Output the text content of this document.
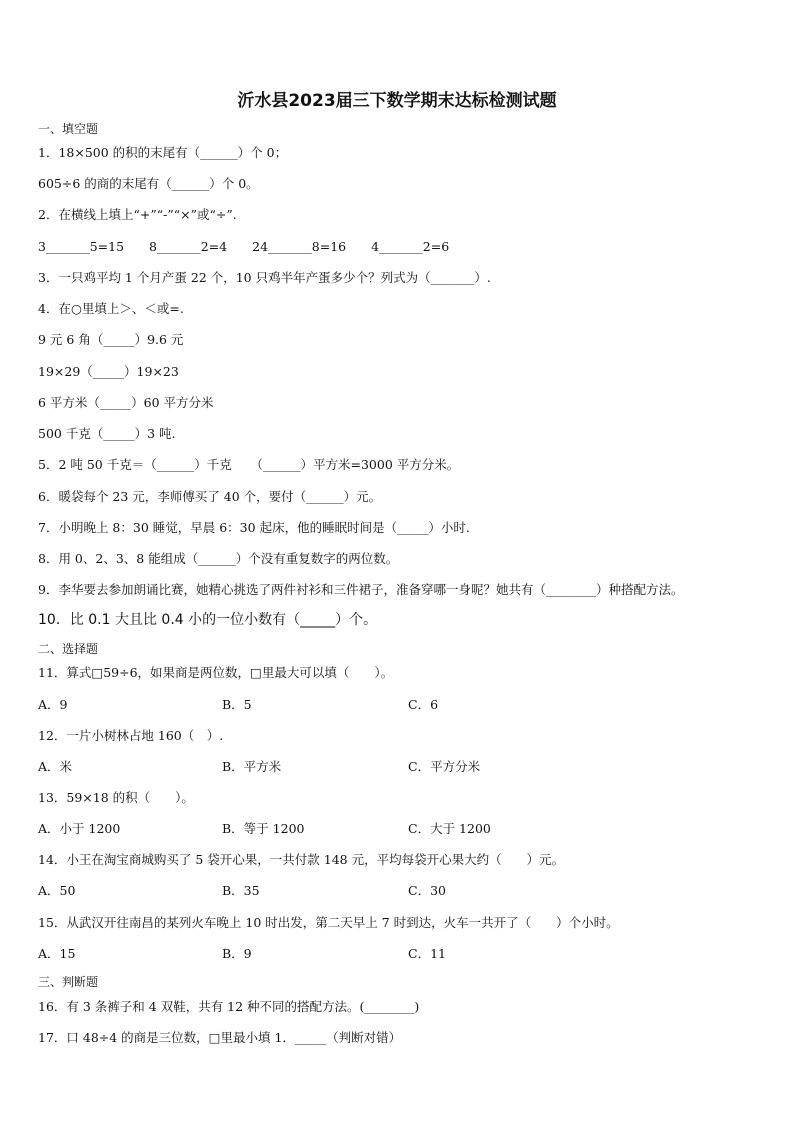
沂水县2023届三下数学期末达标检测试题
一、填空题
1．18×500 的积的末尾有（______）个 0；
605÷6 的商的末尾有（______）个 0。
2．在横线上填上“+”“-”“×”或“÷”.
3_______5=15　　8_______2=4　　24_______8=16　　4_______2=6
3．一只鸡平均 1 个月产蛋 22 个，10 只鸡半年产蛋多少个？列式为（_______）.
4．在○里填上＞、＜或=.
9 元 6 角（_____）9.6 元
19×29（_____）19×23
6 平方米（_____）60 平方分米
500 千克（_____）3 吨.
5．2 吨 50 千克＝（______）千克　　（______）平方米=3000 平方分米。
6．暖袋每个 23 元，李师傅买了 40 个，要付（______）元。
7．小明晚上 8：30 睡觉，早晨 6：30 起床，他的睡眠时间是（_____）小时.
8．用 0、2、3、8 能组成（______）个没有重复数字的两位数。
9．李华要去参加朗诵比赛，她精心挑选了两件衬衫和三件裙子，准备穿哪一身呢？她共有（________）种搭配方法。
10．比 0.1 大且比 0.4 小的一位小数有（_____）个。
二、选择题
11．算式□59÷6，如果商是两位数，□里最大可以填（　　）。
A．9	B．5	C．6
12．一片小树林占地 160（　）.
A．米	B．平方米	C．平方分米
13．59×18 的积（　　）。
A．小于 1200	B．等于 1200	C．大于 1200
14．小王在淘宝商城购买了 5 袋开心果，一共付款 148 元，平均每袋开心果大约（　　）元。
A．50	B．35	C．30
15．从武汉开往南昌的某列火车晚上 10 时出发，第二天早上 7 时到达，火车一共开了（　　）个小时。
A．15	B．9	C．11
三、判断题
16．有 3 条裤子和 4 双鞋，共有 12 种不同的搭配方法。(________)
17．口 48÷4 的商是三位数，□里最小填 1．_____（判断对错）
